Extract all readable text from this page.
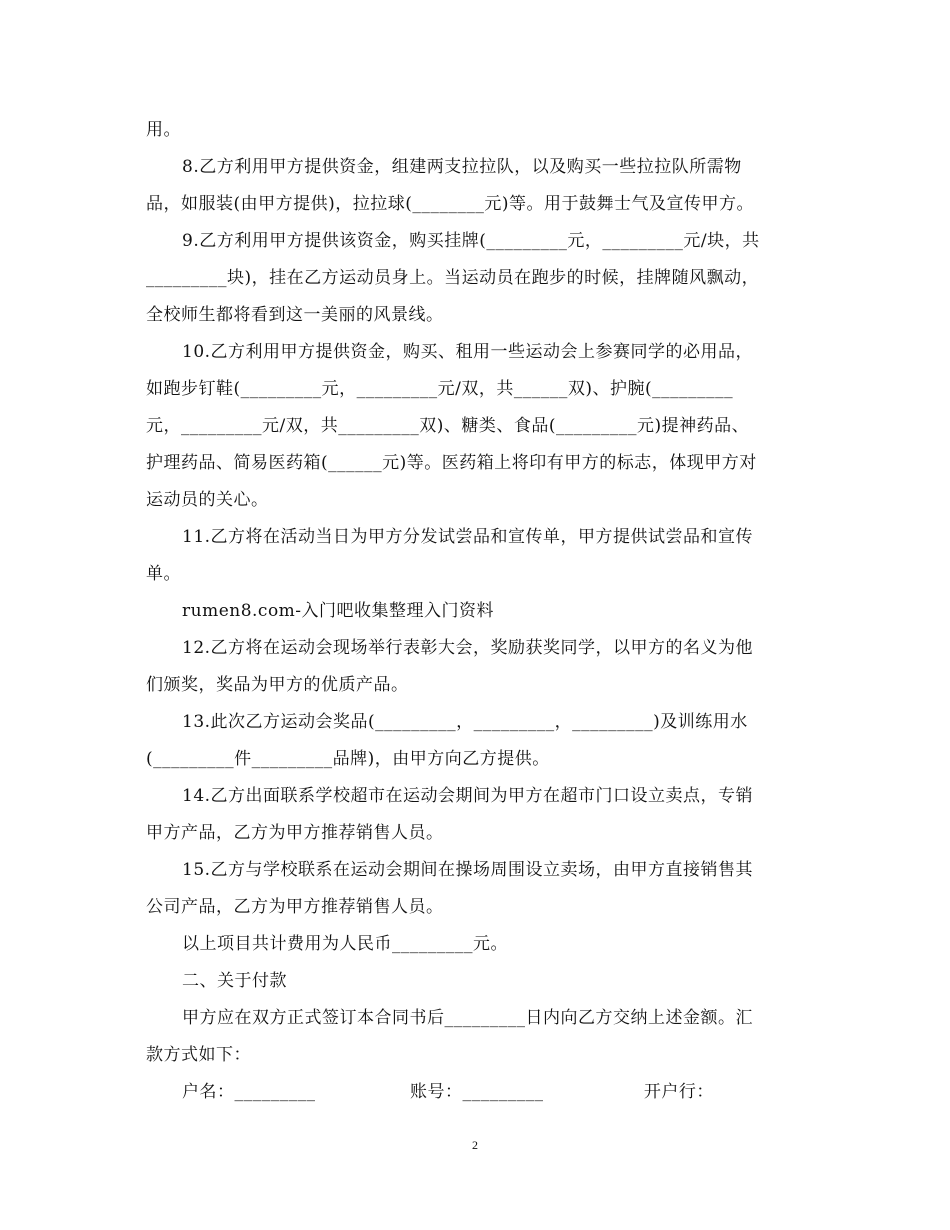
用。
8.乙方利用甲方提供资金，组建两支拉拉队，以及购买一些拉拉队所需物
品，如服装(由甲方提供)，拉拉球(________元)等。用于鼓舞士气及宣传甲方。
9.乙方利用甲方提供该资金，购买挂牌(_________元，_________元/块，共
_________块)，挂在乙方运动员身上。当运动员在跑步的时候，挂牌随风飘动，
全校师生都将看到这一美丽的风景线。
10.乙方利用甲方提供资金，购买、租用一些运动会上参赛同学的必用品，
如跑步钉鞋(_________元，_________元/双，共______双)、护腕(_________
元，_________元/双，共_________双)、糖类、食品(_________元)提神药品、
护理药品、简易医药箱(______元)等。医药箱上将印有甲方的标志，体现甲方对
运动员的关心。
11.乙方将在活动当日为甲方分发试尝品和宣传单，甲方提供试尝品和宣传
单。
rumen8.com-入门吧收集整理入门资料
12.乙方将在运动会现场举行表彰大会，奖励获奖同学，以甲方的名义为他
们颁奖，奖品为甲方的优质产品。
13.此次乙方运动会奖品(_________，_________，_________)及训练用水
(_________件_________品牌)，由甲方向乙方提供。
14.乙方出面联系学校超市在运动会期间为甲方在超市门口设立卖点，专销
甲方产品，乙方为甲方推荐销售人员。
15.乙方与学校联系在运动会期间在操场周围设立卖场，由甲方直接销售其
公司产品，乙方为甲方推荐销售人员。
以上项目共计费用为人民币_________元。
二、关于付款
甲方应在双方正式签订本合同书后_________日内向乙方交纳上述金额。汇
款方式如下：
户名：_________                账号：_________                 开户行：
2
